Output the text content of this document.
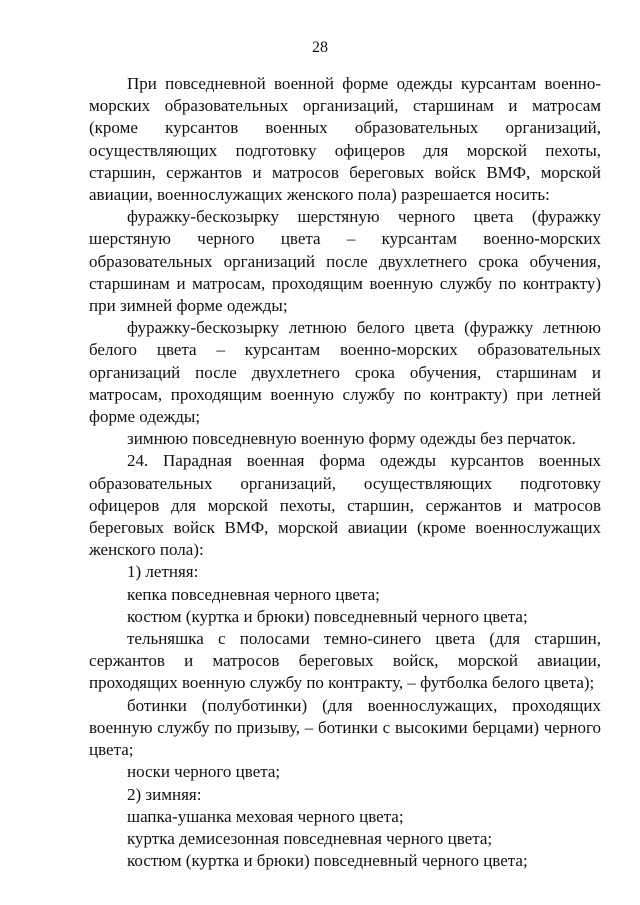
28

При повседневной военной форме одежды курсантам военно-морских образовательных организаций, старшинам и матросам (кроме курсантов военных образовательных организаций, осуществляющих подготовку офицеров для морской пехоты, старшин, сержантов и матросов береговых войск ВМФ, морской авиации, военнослужащих женского пола) разрешается носить:

фуражку-бескозырку шерстяную черного цвета (фуражку шерстяную черного цвета – курсантам военно-морских образовательных организаций после двухлетнего срока обучения, старшинам и матросам, проходящим военную службу по контракту) при зимней форме одежды;

фуражку-бескозырку летнюю белого цвета (фуражку летнюю белого цвета – курсантам военно-морских образовательных организаций после двухлетнего срока обучения, старшинам и матросам, проходящим военную службу по контракту) при летней форме одежды;

зимнюю повседневную военную форму одежды без перчаток.

24. Парадная военная форма одежды курсантов военных образовательных организаций, осуществляющих подготовку офицеров для морской пехоты, старшин, сержантов и матросов береговых войск ВМФ, морской авиации (кроме военнослужащих женского пола):

1) летняя:

кепка повседневная черного цвета;

костюм (куртка и брюки) повседневный черного цвета;

тельняшка с полосами темно-синего цвета (для старшин, сержантов и матросов береговых войск, морской авиации, проходящих военную службу по контракту, – футболка белого цвета);

ботинки (полуботинки) (для военнослужащих, проходящих военную службу по призыву, – ботинки с высокими берцами) черного цвета;

носки черного цвета;

2) зимняя:

шапка-ушанка меховая черного цвета;

куртка демисезонная повседневная черного цвета;

костюм (куртка и брюки) повседневный черного цвета;
